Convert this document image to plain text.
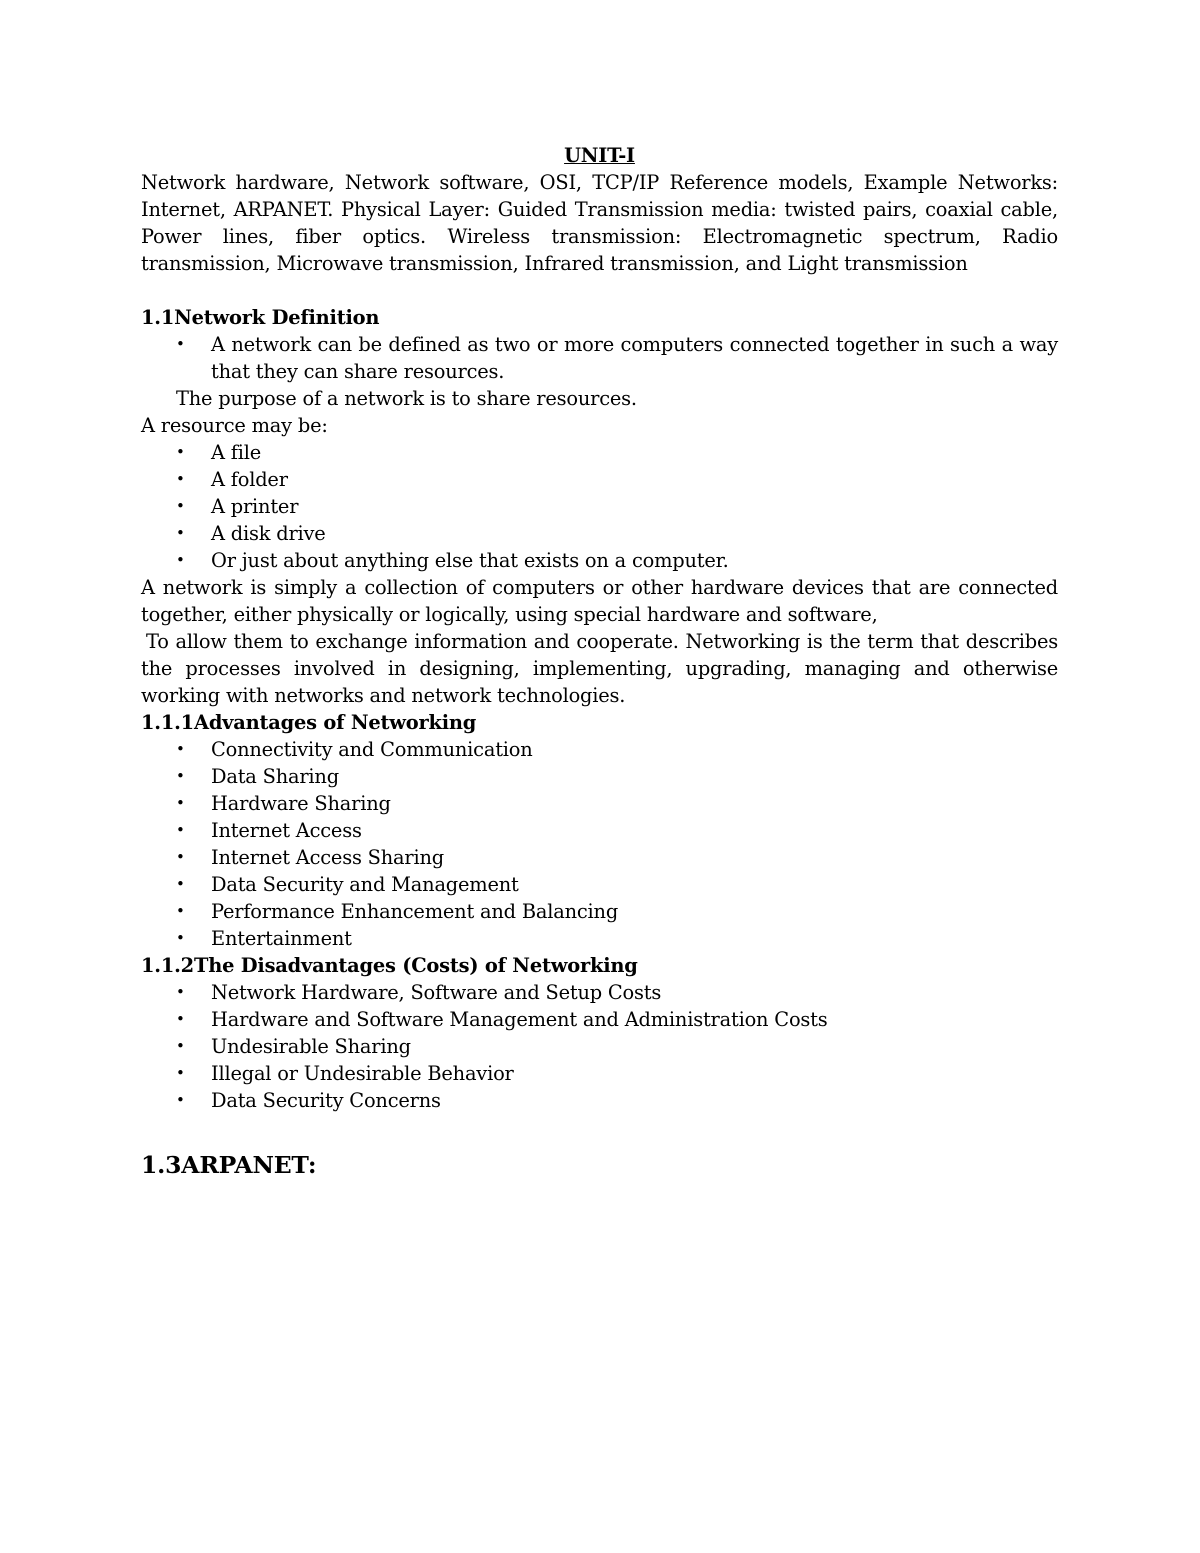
UNIT-I

Network hardware, Network software, OSI, TCP/IP Reference models, Example Networks: Internet, ARPANET. Physical Layer: Guided Transmission media: twisted pairs, coaxial cable, Power lines, fiber optics. Wireless transmission: Electromagnetic spectrum, Radio transmission, Microwave transmission, Infrared transmission, and Light transmission

1.1Network Definition
• A network can be defined as two or more computers connected together in such a way that they can share resources.

The purpose of a network is to share resources.

A resource may be:

• A file
• A folder
• A printer
• A disk drive
• Or just about anything else that exists on a computer.

A network is simply a collection of computers or other hardware devices that are connected together, either physically or logically, using special hardware and software,

To allow them to exchange information and cooperate. Networking is the term that describes the processes involved in designing, implementing, upgrading, managing and otherwise working with networks and network technologies.

1.1.1Advantages of Networking
• Connectivity and Communication
• Data Sharing
• Hardware Sharing
• Internet Access
• Internet Access Sharing
• Data Security and Management
• Performance Enhancement and Balancing
• Entertainment
1.1.2The Disadvantages (Costs) of Networking
• Network Hardware, Software and Setup Costs
• Hardware and Software Management and Administration Costs
• Undesirable Sharing
• Illegal or Undesirable Behavior
• Data Security Concerns
1.3ARPANET:
